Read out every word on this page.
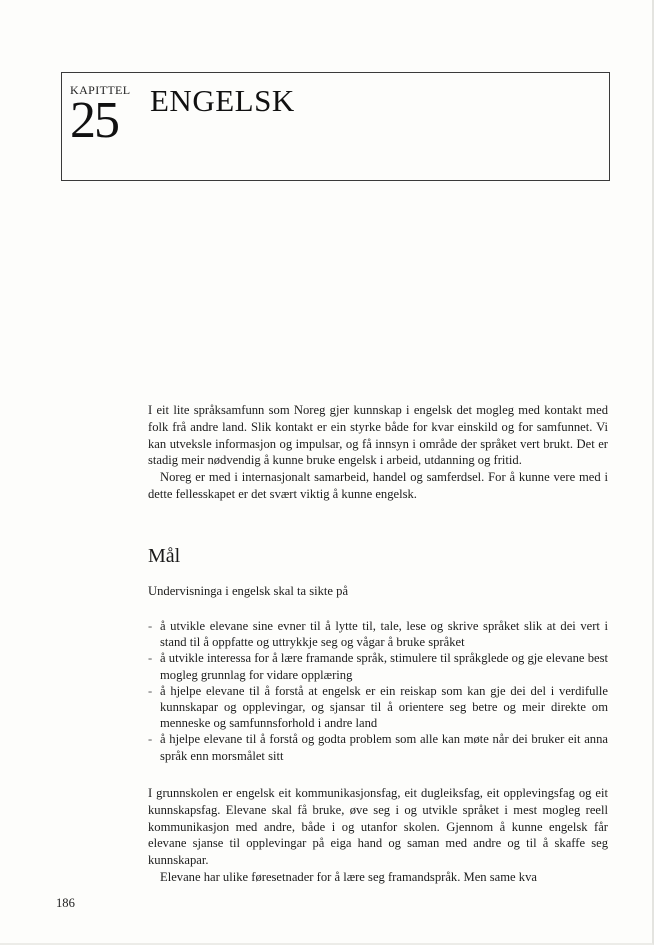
KAPITTEL
25 ENGELSK

I eit lite språksamfunn som Noreg gjer kunnskap i engelsk det mogleg med kontakt med folk frå andre land. Slik kontakt er ein styrke både for kvar einskild og for samfunnet. Vi kan utveksle informasjon og impulsar, og få innsyn i område der språket vert brukt. Det er stadig meir nødvendig å kunne bruke engelsk i arbeid, utdanning og fritid.

Noreg er med i internasjonalt samarbeid, handel og samferdsel. For å kunne vere med i dette fellesskapet er det svært viktig å kunne engelsk.

Mål

Undervisninga i engelsk skal ta sikte på

- å utvikle elevane sine evner til å lytte til, tale, lese og skrive språket slik at dei vert i stand til å oppfatte og uttrykkje seg og vågar å bruke språket
- å utvikle interessa for å lære framande språk, stimulere til språkglede og gje elevane best mogleg grunnlag for vidare opplæring
- å hjelpe elevane til å forstå at engelsk er ein reiskap som kan gje dei del i verdifulle kunnskapar og opplevingar, og sjansar til å orientere seg betre og meir direkte om menneske og samfunnsforhold i andre land
- å hjelpe elevane til å forstå og godta problem som alle kan møte når dei bruker eit anna språk enn morsmålet sitt

I grunnskolen er engelsk eit kommunikasjonsfag, eit dugleiksfag, eit opplevingsfag og eit kunnskapsfag. Elevane skal få bruke, øve seg i og utvikle språket i mest mogleg reell kommunikasjon med andre, både i og utanfor skolen. Gjennom å kunne engelsk får elevane sjanse til opplevingar på eiga hand og saman med andre og til å skaffe seg kunnskapar.

Elevane har ulike føresetnader for å lære seg framandspråk. Men same kva

186
